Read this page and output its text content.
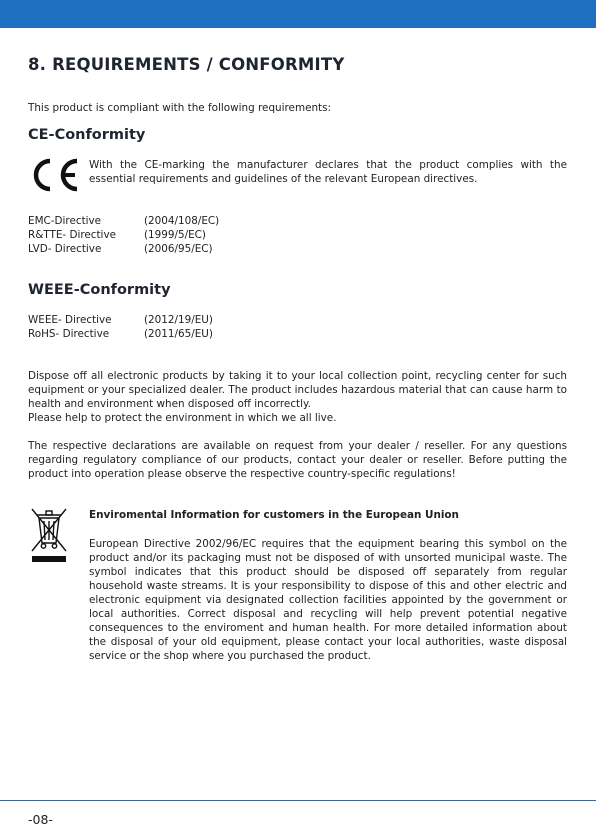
8. REQUIREMENTS / CONFORMITY
This product is compliant with the following requirements:
CE-Conformity
With the CE-marking the manufacturer declares that the product complies with the essential requirements and guidelines of the relevant European directives.
EMC-Directive	(2004/108/EC)
R&TTE- Directive	(1999/5/EC)
LVD- Directive	(2006/95/EC)
WEEE-Conformity
WEEE- Directive	(2012/19/EU)
RoHS- Directive	(2011/65/EU)
Dispose off all electronic products by taking it to your local collection point, recycling center for such equipment or your specialized dealer. The product includes hazardous material that can cause harm to health and environment when disposed off incorrectly.
Please help to protect the environment in which we all live.
The respective declarations are available on request from your dealer / reseller. For any questions regarding regulatory compliance of our products, contact your dealer or reseller. Before putting the product into operation please observe the respective country-specific regulations!
Enviromental Information for customers in the European Union
European Directive 2002/96/EC requires that the equipment bearing this symbol on the product and/or its packaging must not be disposed of with unsorted municipal waste. The symbol indicates that this product should be disposed off separately from regular household waste streams. It is your responsibility to dispose of this and other electric and electronic equipment via designated collection facilities appointed by the government or local authorities. Correct disposal and recycling will help prevent potential negative consequences to the enviroment and human health. For more detailed information about the disposal of your old equipment, please contact your local authorities, waste disposal service or the shop where you purchased the product.
-08-
